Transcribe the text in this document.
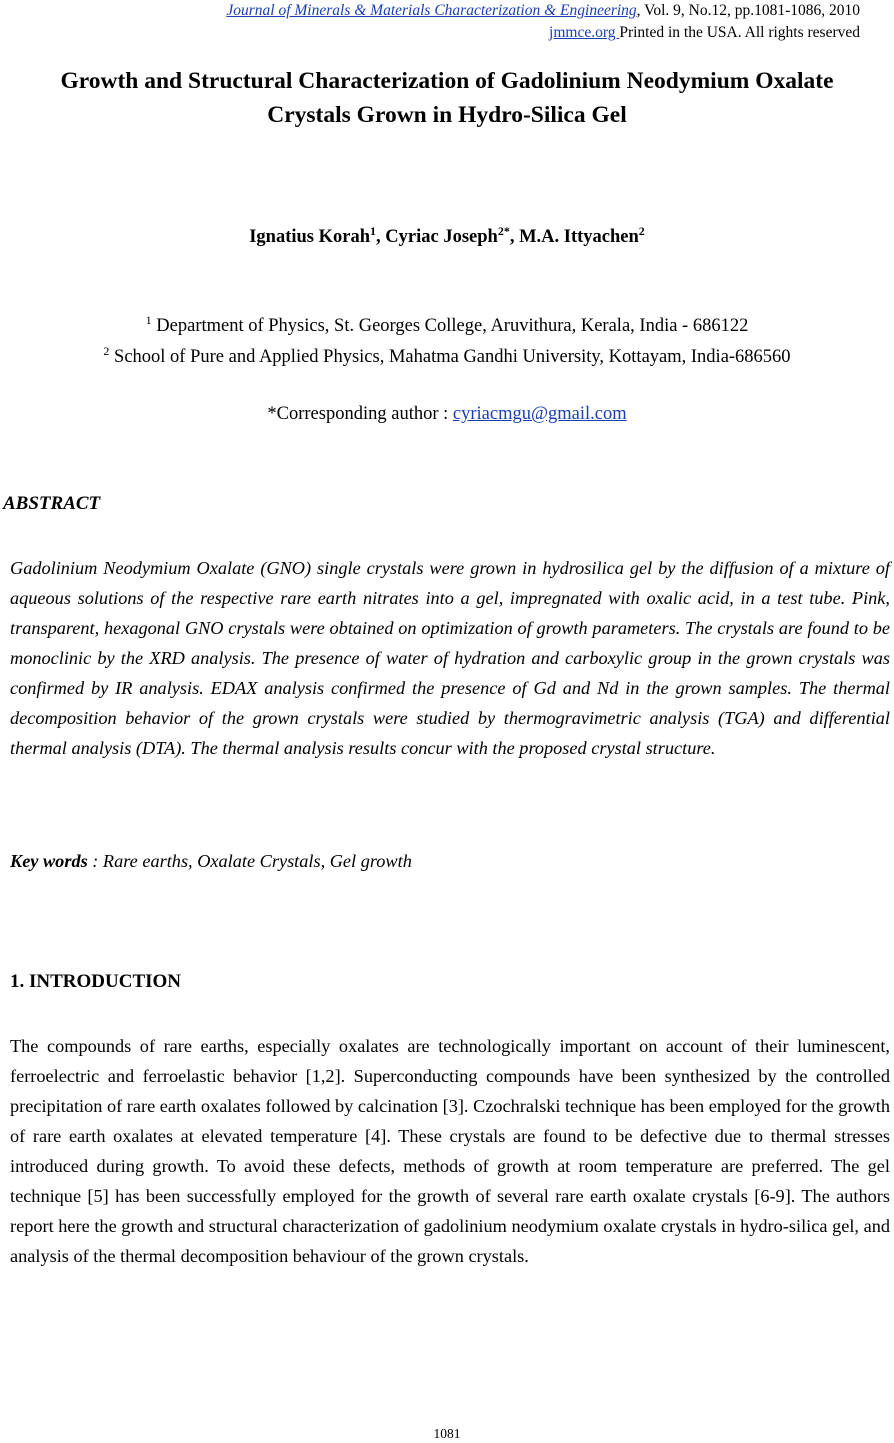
Journal of Minerals & Materials Characterization & Engineering, Vol. 9, No.12, pp.1081-1086, 2010
jmmce.org Printed in the USA. All rights reserved
Growth and Structural Characterization of Gadolinium Neodymium Oxalate
Crystals Grown in Hydro-Silica Gel
Ignatius Korah$^1$, Cyriac Joseph$^{2*}$, M.A. Ittyachen$^2$
$^1$ Department of Physics, St. Georges College, Aruvithura, Kerala, India - 686122
$^2$ School of Pure and Applied Physics, Mahatma Gandhi University, Kottayam, India-686560
*Corresponding author : cyriacmgu@gmail.com
ABSTRACT

Gadolinium Neodymium Oxalate (GNO) single crystals were grown in hydrosilica gel by the diffusion of a mixture of aqueous solutions of the respective rare earth nitrates into a gel, impregnated with oxalic acid, in a test tube. Pink, transparent, hexagonal GNO crystals were obtained on optimization of growth parameters. The crystals are found to be monoclinic by the XRD analysis. The presence of water of hydration and carboxylic group in the grown crystals was confirmed by IR analysis. EDAX analysis confirmed the presence of Gd and Nd in the grown samples. The thermal decomposition behavior of the grown crystals were studied by thermogravimetric analysis (TGA) and differential thermal analysis (DTA). The thermal analysis results concur with the proposed crystal structure.

Key words : Rare earths, Oxalate Crystals, Gel growth
1. INTRODUCTION

The compounds of rare earths, especially oxalates are technologically important on account of their luminescent, ferroelectric and ferroelastic behavior [1,2]. Superconducting compounds have been synthesized by the controlled precipitation of rare earth oxalates followed by calcination [3]. Czochralski technique has been employed for the growth of rare earth oxalates at elevated temperature [4]. These crystals are found to be defective due to thermal stresses introduced during growth. To avoid these defects, methods of growth at room temperature are preferred. The gel technique [5] has been successfully employed for the growth of several rare earth oxalate crystals [6-9]. The authors report here the growth and structural characterization of gadolinium neodymium oxalate crystals in hydro-silica gel, and analysis of the thermal decomposition behaviour of the grown crystals.

1081
